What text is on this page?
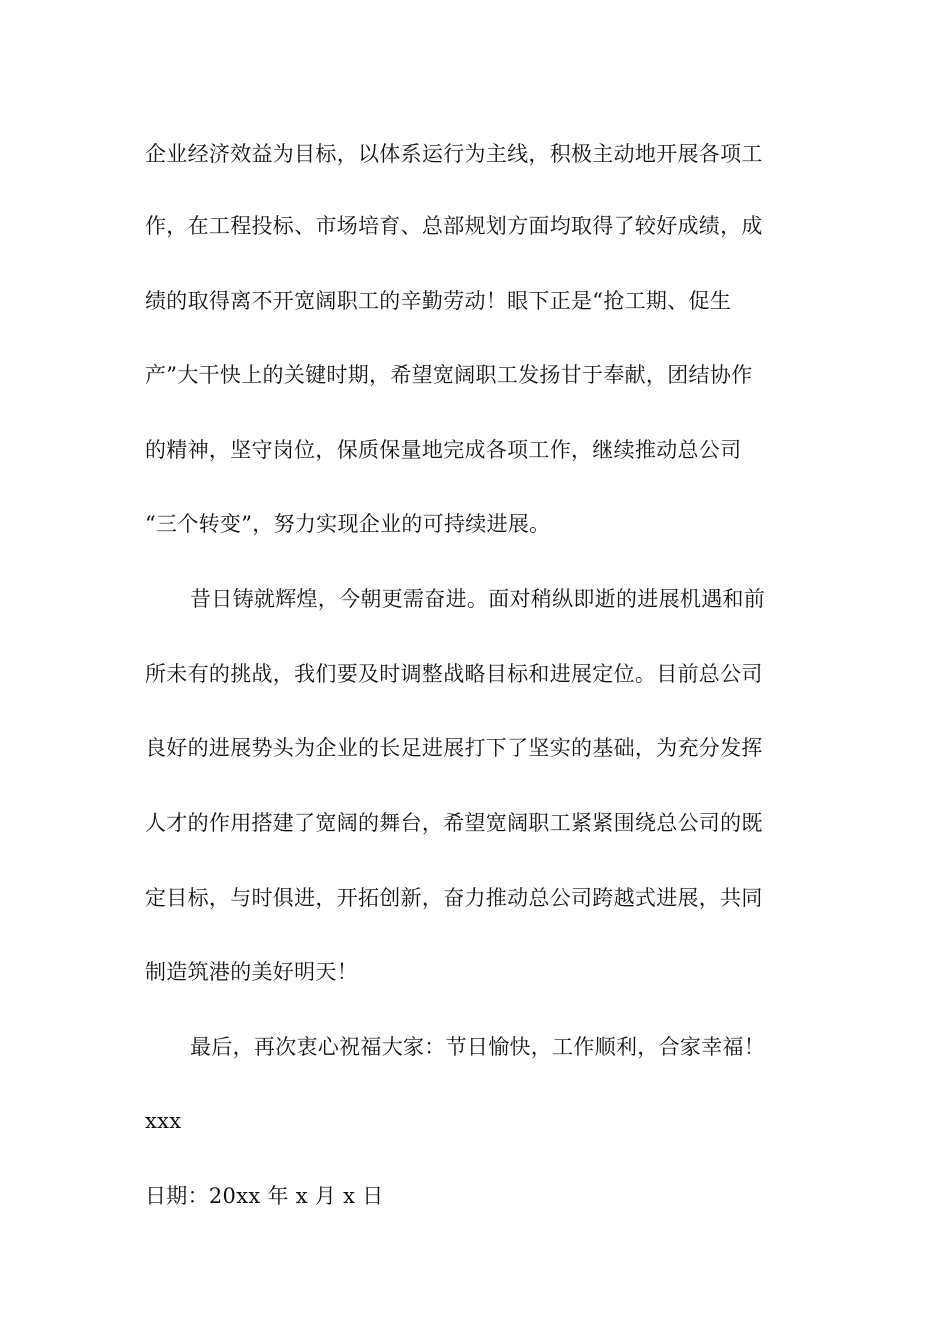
企业经济效益为目标，以体系运行为主线，积极主动地开展各项工
作，在工程投标、市场培育、总部规划方面均取得了较好成绩，成
绩的取得离不开宽阔职工的辛勤劳动！眼下正是“抢工期、促生
产”大干快上的关键时期，希望宽阔职工发扬甘于奉献，团结协作
的精神，坚守岗位，保质保量地完成各项工作，继续推动总公司
“三个转变”，努力实现企业的可持续进展。
昔日铸就辉煌，今朝更需奋进。面对稍纵即逝的进展机遇和前
所未有的挑战，我们要及时调整战略目标和进展定位。目前总公司
良好的进展势头为企业的长足进展打下了坚实的基础，为充分发挥
人才的作用搭建了宽阔的舞台，希望宽阔职工紧紧围绕总公司的既
定目标，与时俱进，开拓创新，奋力推动总公司跨越式进展，共同
制造筑港的美好明天！
最后，再次衷心祝福大家：节日愉快，工作顺利，合家幸福！
xxx
日期：20xx 年 x 月 x 日
